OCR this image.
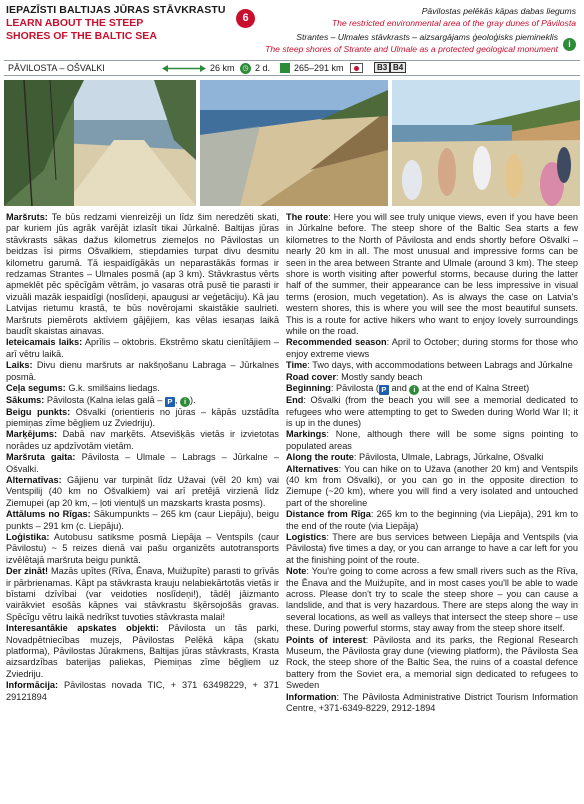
IEPAZĪSTI BALTIJAS JŪRAS STĀVKRASTU
LEARN ABOUT THE STEEP
SHORES OF THE BALTIC SEA
6
Pāvilostas pelēkās kāpas dabas liegums
The restricted environmental area of the gray dunes of Pāvilosta
Strantes – Ulmales stāvkrasts – aizsargājams ģeoloģisks piemineklis
The steep shores of Strante and Ulmale as a protected geological monument	i
PĀVILOSTA – OŠVALKI	26 km	◷ 2 d.	265–291 km	B3 B4

Maršruts: Te būs redzami vienreizēji un līdz šim neredzēti skati, par kuriem jūs agrāk varējāt izlasīt tikai Jūrkalnē. Baltijas jūras stāvkrasts sākas dažus kilometrus ziemeļos no Pāvilostas un beidzas īsi pirms Ošvalkiem, stiepdamies turpat divu desmitu kilometru garumā. Tā iespaidīgākās un neparastākās formas ir redzamas Strantes – Ulmales posmā (ap 3 km). Stāvkrastus vērts apmeklēt pēc spēcīgām vētrām, jo vasaras otrā pusē tie parasti ir vizuāli mazāk iespaidīgi (noslīdeņi, apaugusi ar veģetāciju). Kā jau Latvijas rietumu krastā, te būs novērojami skaistākie saulrieti. Maršruts piemērots aktīviem gājējiem, kas vēlas iesaņas laikā baudīt skaistas ainavas.

Ieteicamais laiks: Aprīlis – oktobris. Ekstrēmo skatu cienītājiem – arī vētru laikā.

Laiks: Divu dienu maršruts ar nakšņošanu Labraga – Jūrkalnes posmā.

Ceļa segums: G.k. smilšains liedags.

Sākums: Pāvilosta (Kalna ielas galā – P , i ).

Beigu punkts: Ošvalki (orientieris no jūras – kāpās uzstādīta piemiņas zīme bēgļiem uz Zviedriju).

Marķējums: Dabā nav marķēts. Atsevišķās vietās ir izvietotas norādes uz apdzīvotām vietām.

Maršruta gaita: Pāvilosta – Ulmale – Labrags – Jūrkalne – Ošvalki.

Alternatīvas: Gājienu var turpināt līdz Užavai (vēl 20 km) vai Ventspilij (40 km no Ošvalkiem) vai arī pretējā virzienā līdz Ziemupei (ap 20 km, – ļoti vientuļš un mazskarts krasta posms).

Attālums no Rīgas: Sākumpunkts – 265 km (caur Liepāju), beigu punkts – 291 km (c. Liepāju).

Loģistika: Autobusu satiksme posmā Liepāja – Ventspils (caur Pāvilostu) ~ 5 reizes dienā vai pašu organizēts autotransports izvēlētajā maršruta beigu punktā.

Der zināt! Mazās upītes (Rīva, Ēnava, Muižupīte) parasti to grīvās ir pārbrienamas. Kāpt pa stāvkrasta krauju nelabiekārtotās vietās ir bīstami dzīvībai (var veidoties noslīdeņi!), tādēļ jāizmanto vairākviet esošās kāpnes vai stāvkrastu šķērsojošās gravas. Spēcīgu vētru laikā nedrīkst tuvoties stāvkrasta malai!

Interesantākie apskates objekti: Pāvilosta un tās parki, Novadpētniecības muzejs, Pāvilostas Pelēkā kāpa (skatu platforma), Pāvilostas Jūrakmens, Baltijas jūras stāvkrasts, Krasta aizsardzības baterijas paliekas, Piemiņas zīme bēgļiem uz Zviedriju.

Informācija: Pāvilostas novada TIC, + 371 63498229, + 371 29121894

The route: Here you will see truly unique views, even if you have been in Jūrkalne before. The steep shore of the Baltic Sea starts a few kilometres to the North of Pāvilosta and ends shortly before Ošvalki – nearly 20 km in all. The most unusual and impressive forms can be seen in the area between Strante and Ulmale (around 3 km). The steep shore is worth visiting after powerful storms, because during the latter half of the summer, their appearance can be less impressive in visual terms (erosion, much vegetation). As is always the case on Latvia's western shores, this is where you will see the most beautiful sunsets. This is a route for active hikers who want to enjoy lovely surroundings while on the road.

Recommended season: April to October; during storms for those who enjoy extreme views

Time: Two days, with accommodations between Labrags and Jūrkalne

Road cover: Mostly sandy beach

Beginning: Pāvilosta ( P and i at the end of Kalna Street)

End: Ošvalki (from the beach you will see a memorial dedicated to refugees who were attempting to get to Sweden during World War II; it is up in the dunes)

Markings: None, although there will be some signs pointing to populated areas

Along the route: Pāvilosta, Ulmale, Labrags, Jūrkalne, Ošvalki

Alternatives: You can hike on to Užava (another 20 km) and Ventspils (40 km from Ošvalki), or you can go in the opposite direction to Ziemupe (~20 km), where you will find a very isolated and untouched part of the shoreline

Distance from Rīga: 265 km to the beginning (via Liepāja), 291 km to the end of the route (via Liepāja)

Logistics: There are bus services between Liepāja and Ventspils (via Pāvilosta) five times a day, or you can arrange to have a car left for you at the finishing point of the route.

Note: You're going to come across a few small rivers such as the Rīva, the Ēnava and the Muižupīte, and in most cases you'll be able to wade across. Please don't try to scale the steep shore – you can cause a landslide, and that is very hazardous. There are steps along the way in several locations, as well as valleys that intersect the steep shore – use these. During powerful storms, stay away from the steep shore itself.

Points of interest: Pāvilosta and its parks, the Regional Research Museum, the Pāvilosta gray dune (viewing platform), the Pāvilosta Sea Rock, the steep shore of the Baltic Sea, the ruins of a coastal defence battery from the Soviet era, a memorial sign dedicated to refugees to Sweden

Information: The Pāvilosta Administrative District Tourism Information Centre, +371-6349-8229, 2912-1894
